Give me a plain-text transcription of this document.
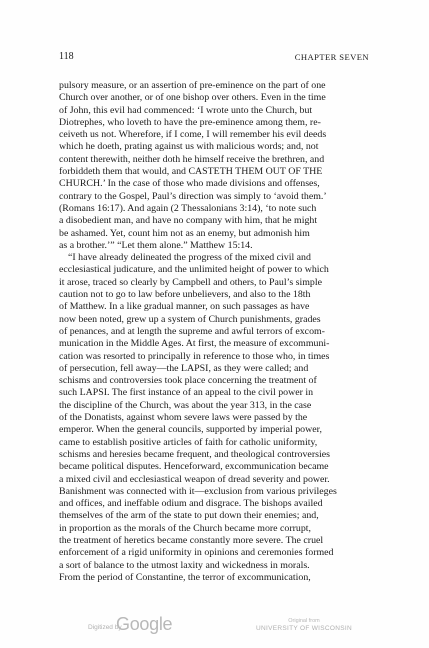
118	CHAPTER SEVEN
pulsory measure, or an assertion of pre-eminence on the part of one
Church over another, or of one bishop over others. Even in the time
of John, this evil had commenced: ‘I wrote unto the Church, but
Diotrephes, who loveth to have the pre-eminence among them, re-
ceiveth us not. Wherefore, if I come, I will remember his evil deeds
which he doeth, prating against us with malicious words; and, not
content therewith, neither doth he himself receive the brethren, and
forbiddeth them that would, and CASTETH THEM OUT OF THE
CHURCH.’ In the case of those who made divisions and offenses,
contrary to the Gospel, Paul’s direction was simply to ‘avoid them.’
(Romans 16:17). And again (2 Thessalonians 3:14), ‘to note such
a disobedient man, and have no company with him, that he might
be ashamed. Yet, count him not as an enemy, but admonish him
as a brother.’” “Let them alone.” Matthew 15:14.
“I have already delineated the progress of the mixed civil and
ecclesiastical judicature, and the unlimited height of power to which
it arose, traced so clearly by Campbell and others, to Paul’s simple
caution not to go to law before unbelievers, and also to the 18th
of Matthew. In a like gradual manner, on such passages as have
now been noted, grew up a system of Church punishments, grades
of penances, and at length the supreme and awful terrors of excom-
munication in the Middle Ages. At first, the measure of excommuni-
cation was resorted to principally in reference to those who, in times
of persecution, fell away—the LAPSI, as they were called; and
schisms and controversies took place concerning the treatment of
such LAPSI. The first instance of an appeal to the civil power in
the discipline of the Church, was about the year 313, in the case
of the Donatists, against whom severe laws were passed by the
emperor. When the general councils, supported by imperial power,
came to establish positive articles of faith for catholic uniformity,
schisms and heresies became frequent, and theological controversies
became political disputes. Henceforward, excommunication became
a mixed civil and ecclesiastical weapon of dread severity and power.
Banishment was connected with it—exclusion from various privileges
and offices, and ineffable odium and disgrace. The bishops availed
themselves of the arm of the state to put down their enemies; and,
in proportion as the morals of the Church became more corrupt,
the treatment of heretics became constantly more severe. The cruel
enforcement of a rigid uniformity in opinions and ceremonies formed
a sort of balance to the utmost laxity and wickedness in morals.
From the period of Constantine, the terror of excommunication,
Digitized by
Google	Original from
UNIVERSITY OF WISCONSIN
